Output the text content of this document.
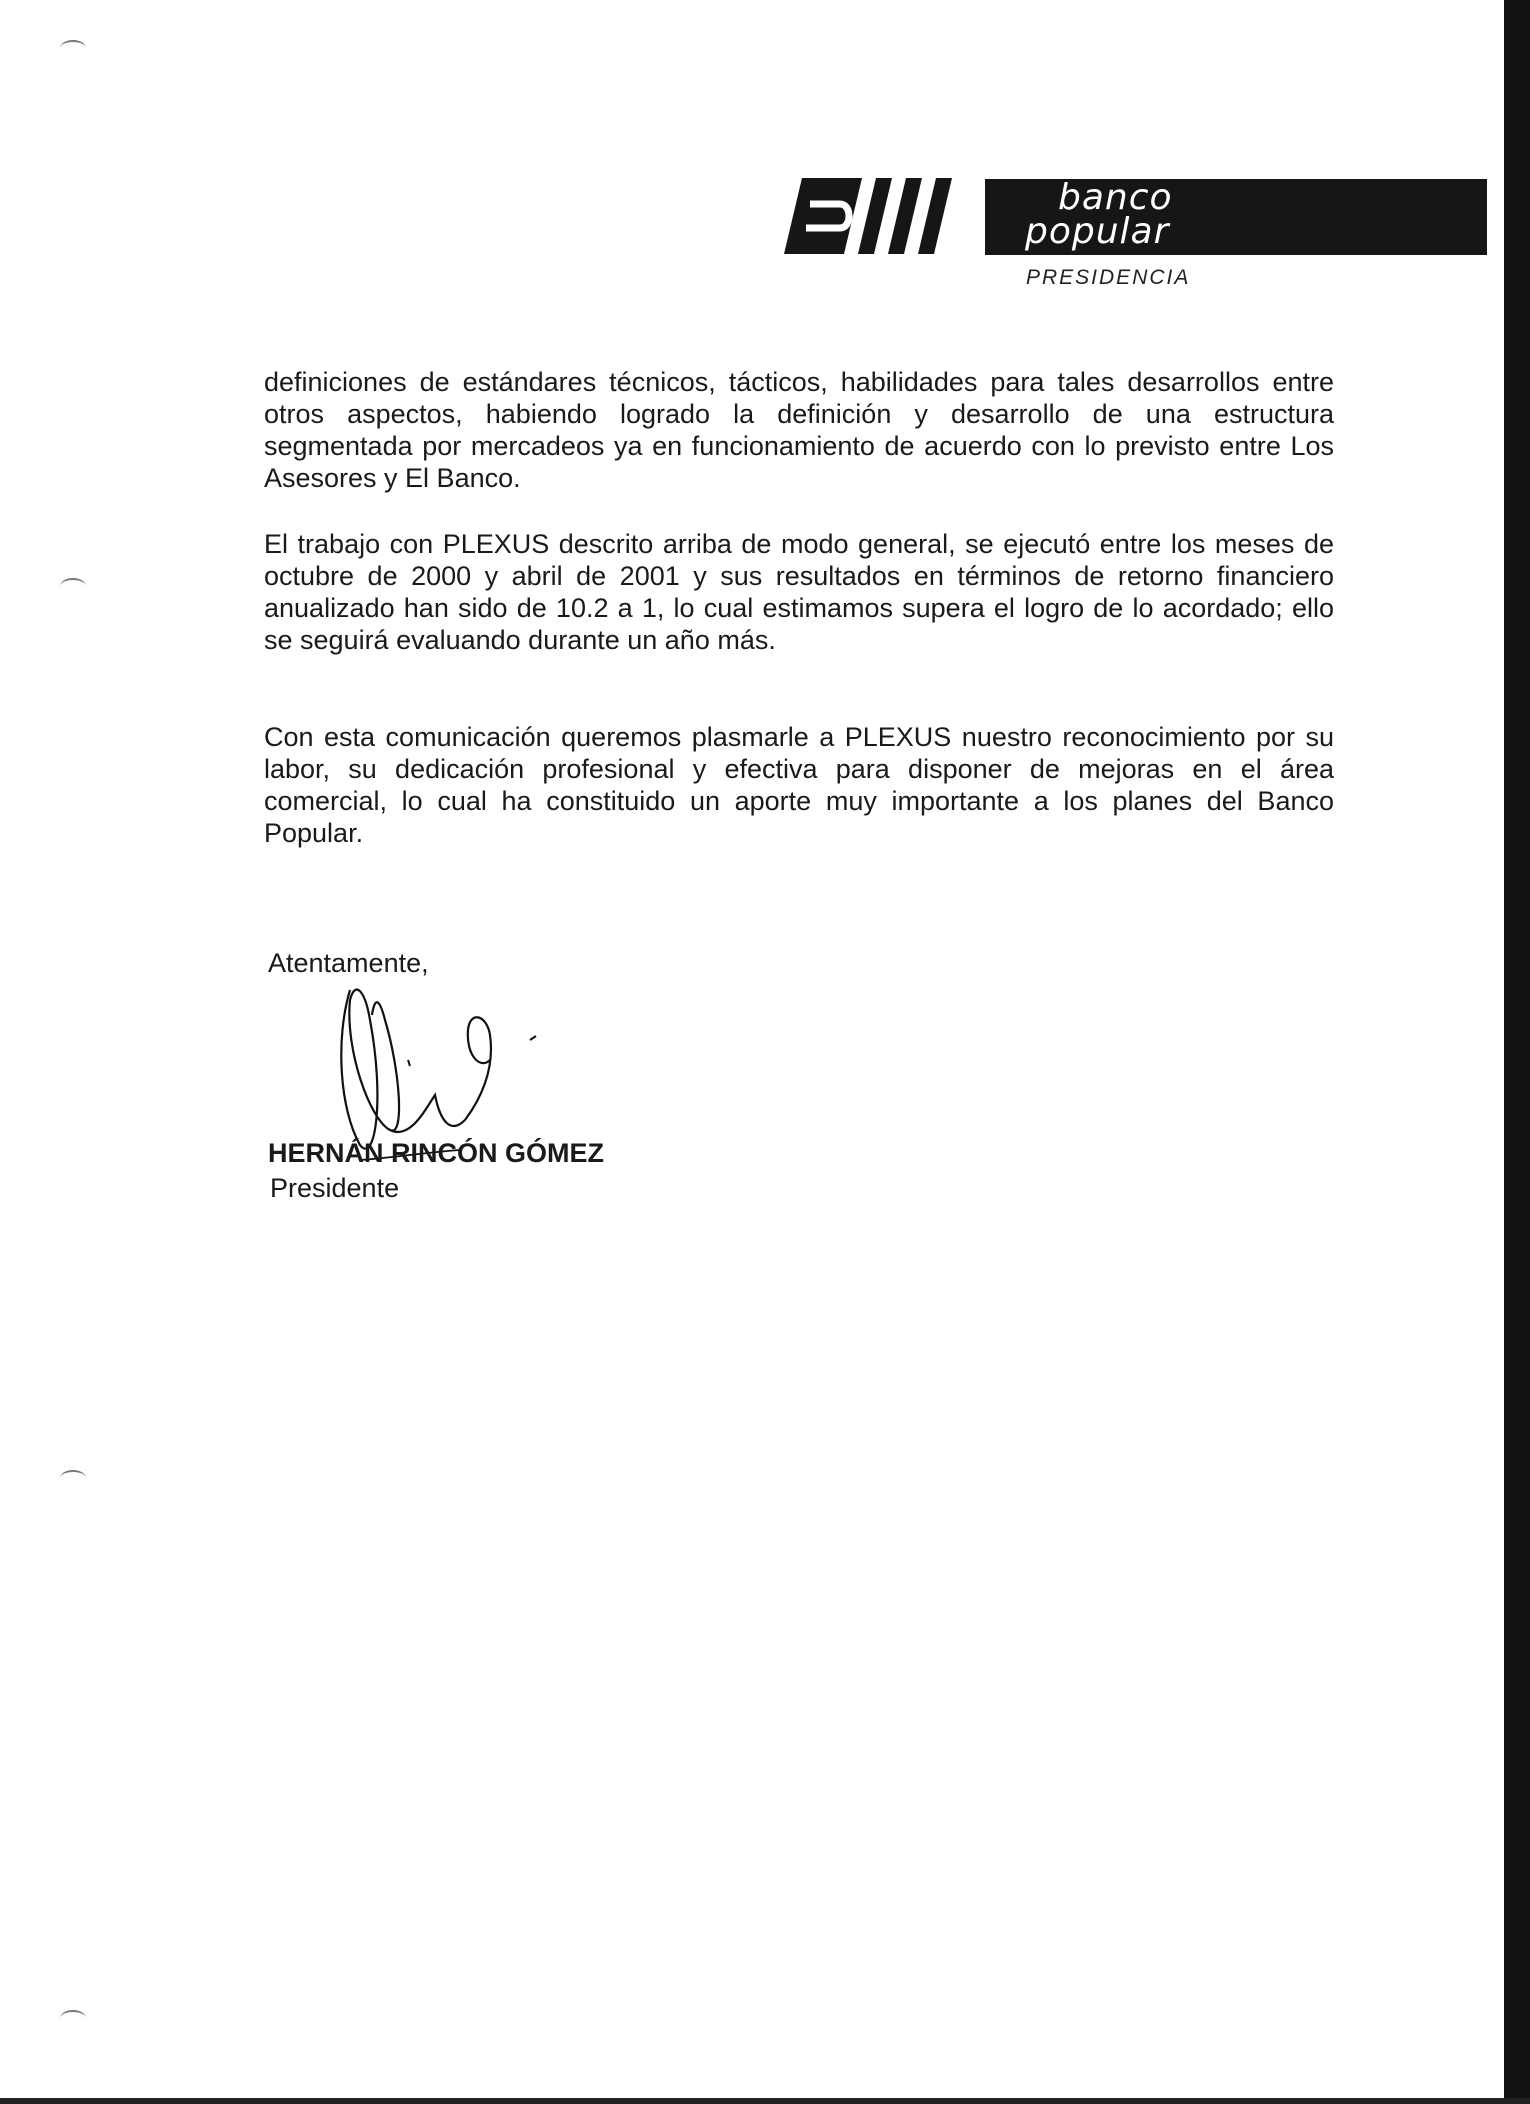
banco
popular
PRESIDENCIA

definiciones de estándares técnicos, tácticos, habilidades para tales desarrollos entre otros aspectos, habiendo logrado la definición y desarrollo de una estructura segmentada por mercadeos ya en funcionamiento de acuerdo con lo previsto entre Los Asesores y El Banco.

El trabajo con PLEXUS descrito arriba de modo general, se ejecutó entre los meses de octubre de 2000 y abril de 2001 y sus resultados en términos de retorno financiero anualizado han sido de 10.2 a 1, lo cual estimamos supera el logro de lo acordado; ello se seguirá evaluando durante un año más.

Con esta comunicación queremos plasmarle a PLEXUS nuestro reconocimiento por su labor, su dedicación profesional y efectiva para disponer de mejoras en el área comercial, lo cual ha constituido un aporte muy importante a los planes del Banco Popular.

Atentamente,

HERNÁN RINCÓN GÓMEZ

Presidente
